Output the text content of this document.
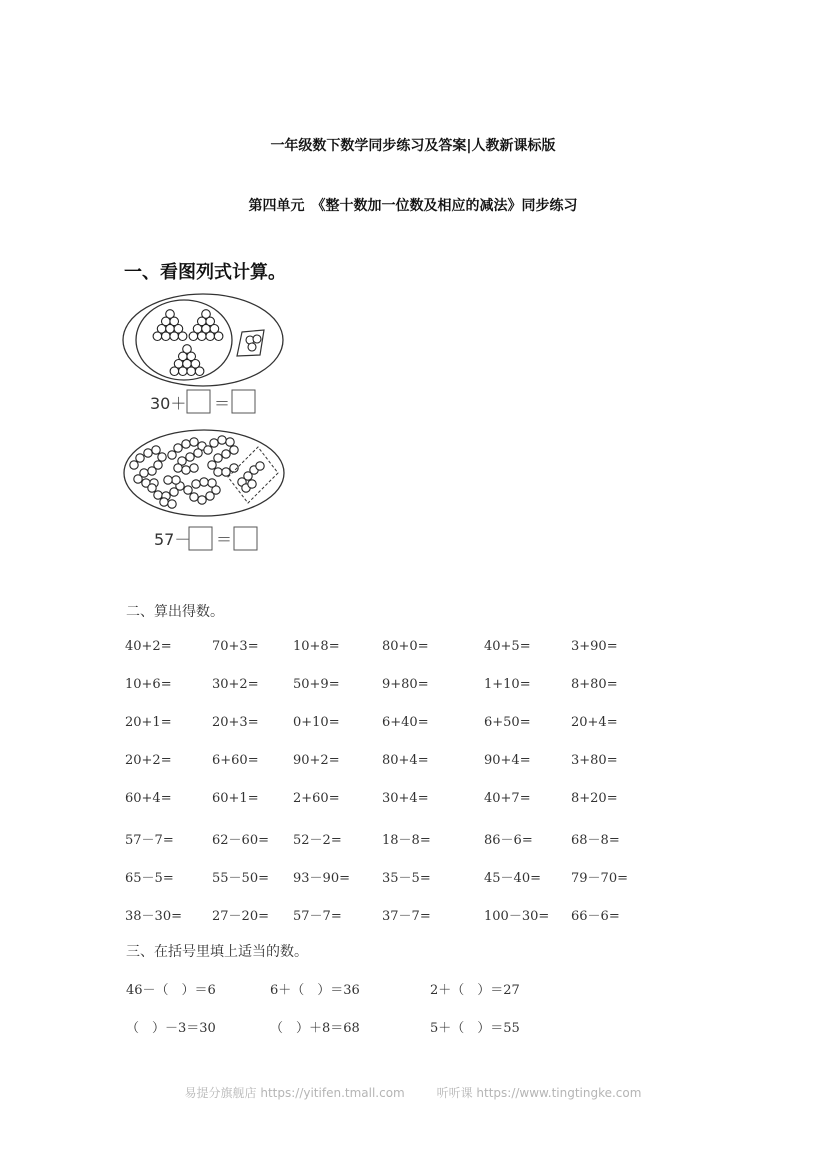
一年级数下数学同步练习及答案|人教新课标版
第四单元　《整十数加一位数及相应的减法》同步练习
一、看图列式计算。
30＋ ＝
57－ ＝
二、算出得数。
40+2=	70+3=	10+8=	80+0=	40+5=	3+90=
10+6=	30+2=	50+9=	9+80=	1+10=	8+80=
20+1=	20+3=	0+10=	6+40=	6+50=	20+4=
20+2=	6+60=	90+2=	80+4=	90+4=	3+80=
60+4=	60+1=	2+60=	30+4=	40+7=	8+20=
57－7=	62－60= 52－2=	18－8=	86－6=	68－8=
65－5=	55－50= 93－90= 35－5=	45－40= 79－70=
38－30= 27－20= 57－7=	37－7=	100－30= 66－6=
三、在括号里填上适当的数。
46－（　）＝6	6＋（　）＝36	2＋（　）＝27
（　）－3＝30	（　）＋8＝68	5＋（　）＝55
易提分旗舰店 https://yitifen.tmall.com	听听课 https://www.tingtingke.com
